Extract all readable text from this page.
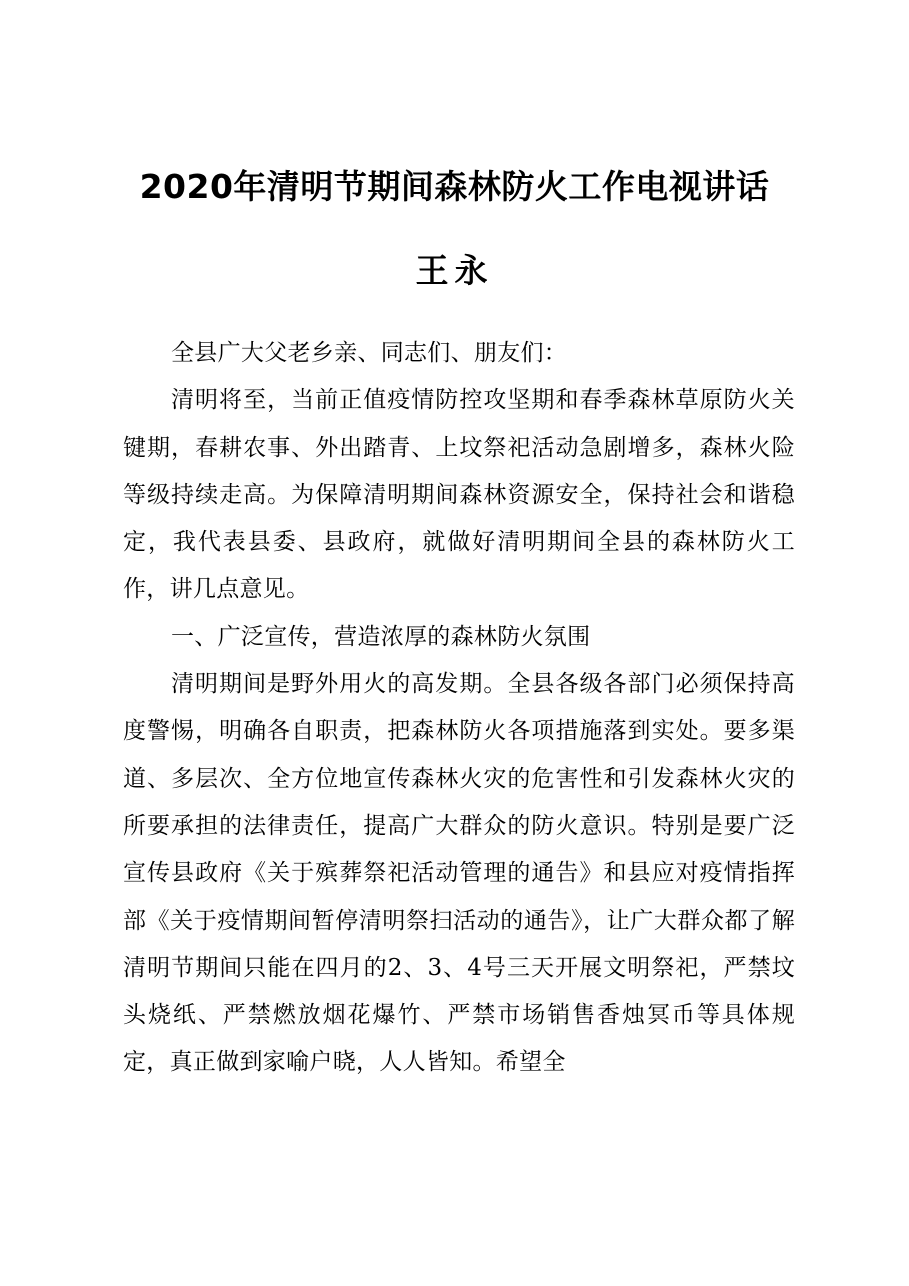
2020年清明节期间森林防火工作电视讲话
王永

全县广大父老乡亲、同志们、朋友们：

清明将至，当前正值疫情防控攻坚期和春季森林草原防火关键期，春耕农事、外出踏青、上坟祭祀活动急剧增多，森林火险等级持续走高。为保障清明期间森林资源安全，保持社会和谐稳定，我代表县委、县政府，就做好清明期间全县的森林防火工作，讲几点意见。

一、广泛宣传，营造浓厚的森林防火氛围

清明期间是野外用火的高发期。全县各级各部门必须保持高度警惕，明确各自职责，把森林防火各项措施落到实处。要多渠道、多层次、全方位地宣传森林火灾的危害性和引发森林火灾的所要承担的法律责任，提高广大群众的防火意识。特别是要广泛宣传县政府《关于殡葬祭祀活动管理的通告》和县应对疫情指挥部《关于疫情期间暂停清明祭扫活动的通告》，让广大群众都了解清明节期间只能在四月的2、3、4号三天开展文明祭祀，严禁坟头烧纸、严禁燃放烟花爆竹、严禁市场销售香烛冥币等具体规定，真正做到家喻户晓，人人皆知。希望全
